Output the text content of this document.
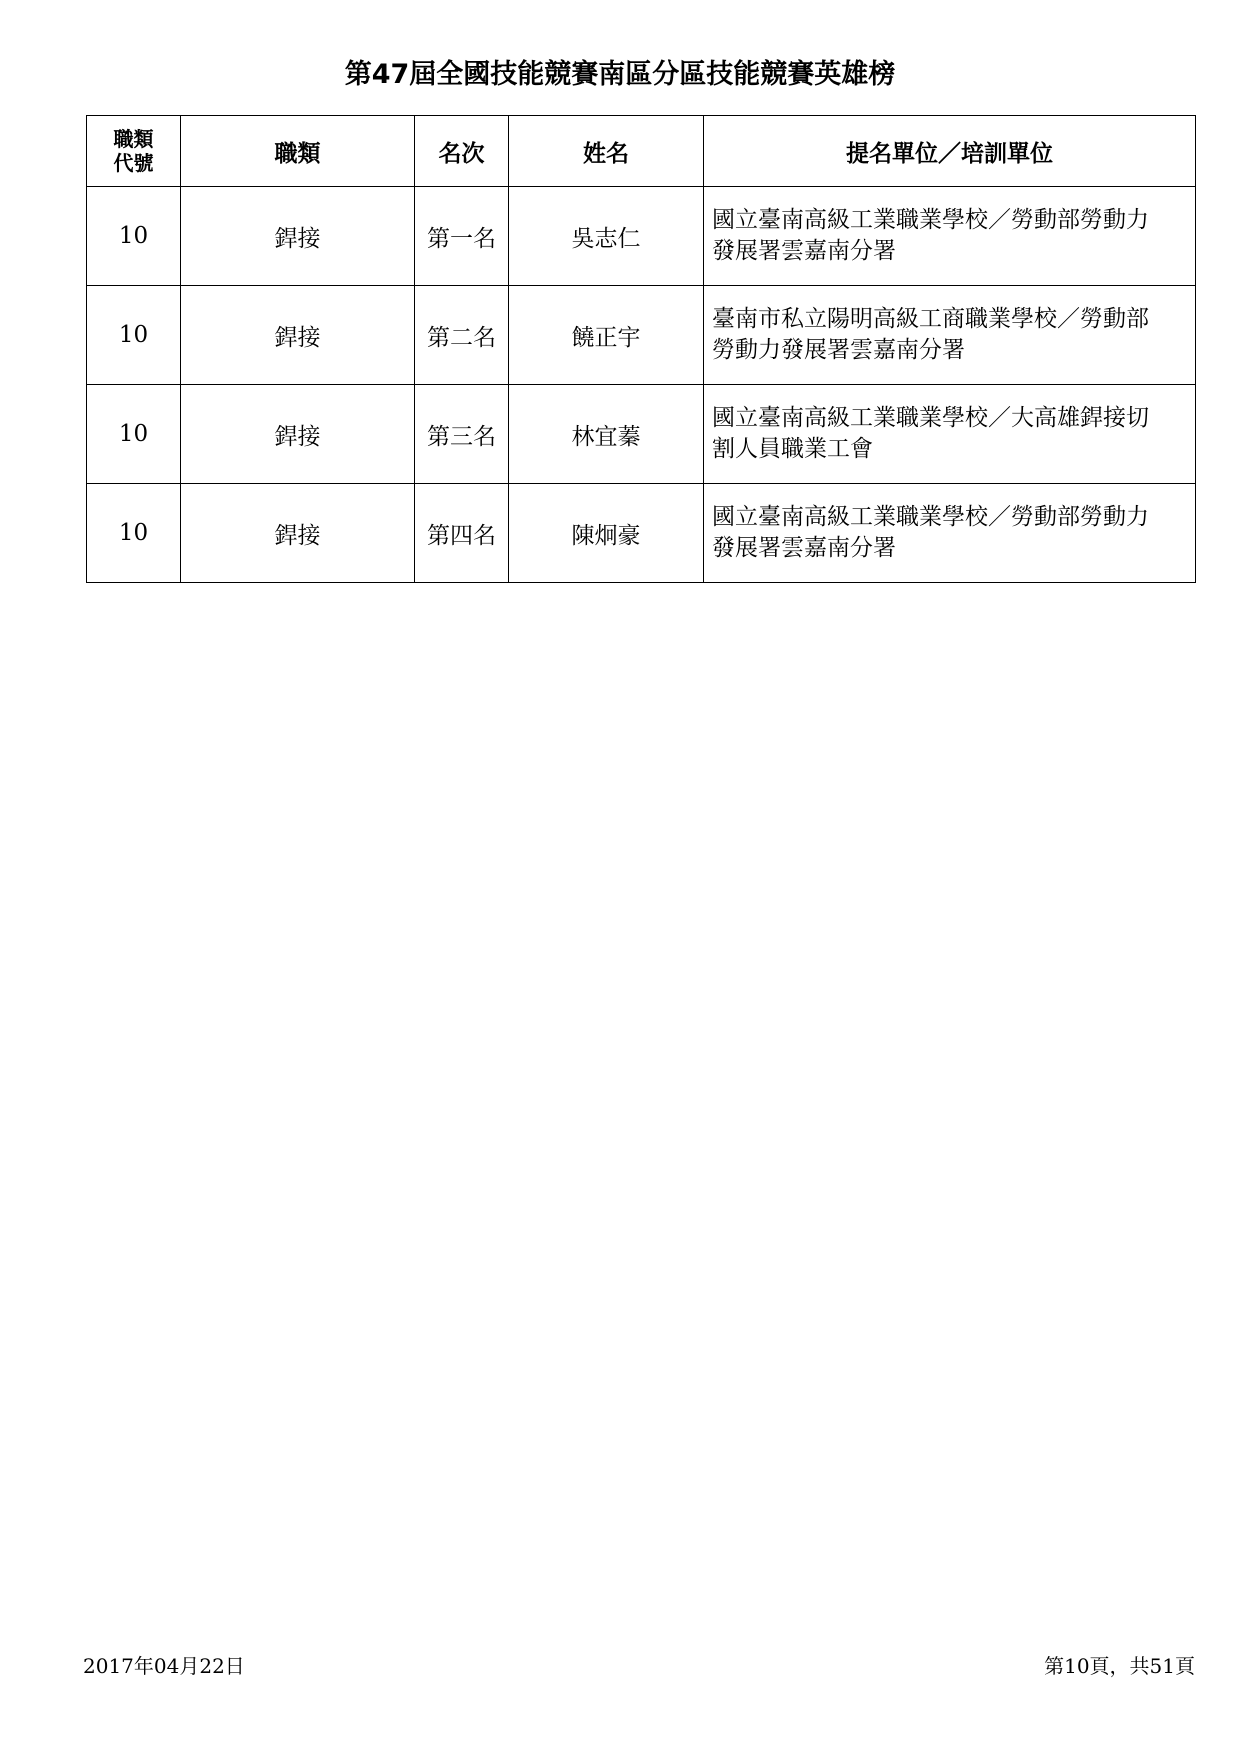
第47屆全國技能競賽南區分區技能競賽英雄榜
職類
代號	職類	名次	姓名	提名單位／培訓單位
10	銲接	第一名	吳志仁	國立臺南高級工業職業學校／勞動部勞動力
發展署雲嘉南分署

10	銲接	第二名	饒正宇	臺南市私立陽明高級工商職業學校／勞動部
勞動力發展署雲嘉南分署

10	銲接	第三名	林宜蓁	國立臺南高級工業職業學校／大高雄銲接切
割人員職業工會

10	銲接	第四名	陳炯豪	國立臺南高級工業職業學校／勞動部勞動力
發展署雲嘉南分署
2017年04月22日	第10頁，共51頁
